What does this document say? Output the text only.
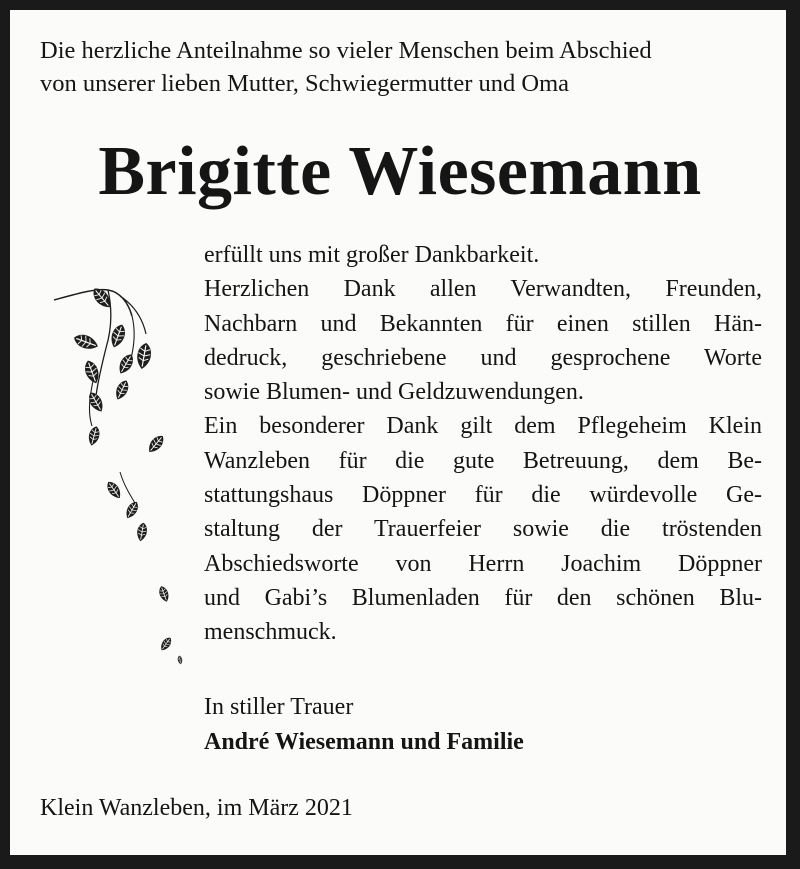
Die herzliche Anteilnahme so vieler Menschen beim Abschied
von unserer lieben Mutter, Schwiegermutter und Oma

Brigitte Wiesemann

erfüllt uns mit großer Dankbarkeit.
Herzlichen Dank allen Verwandten, Freunden,
Nachbarn und Bekannten für einen stillen Hän-
dedruck, geschriebene und gesprochene Worte
sowie Blumen- und Geldzuwendungen.
Ein besonderer Dank gilt dem Pflegeheim Klein
Wanzleben für die gute Betreuung, dem Be-
stattungshaus Döppner für die würdevolle Ge-
staltung der Trauerfeier sowie die tröstenden
Abschiedsworte von Herrn Joachim Döppner
und Gabi’s Blumenladen für den schönen Blu-
menschmuck.

In stiller Trauer
André Wiesemann und Familie

Klein Wanzleben, im März 2021
